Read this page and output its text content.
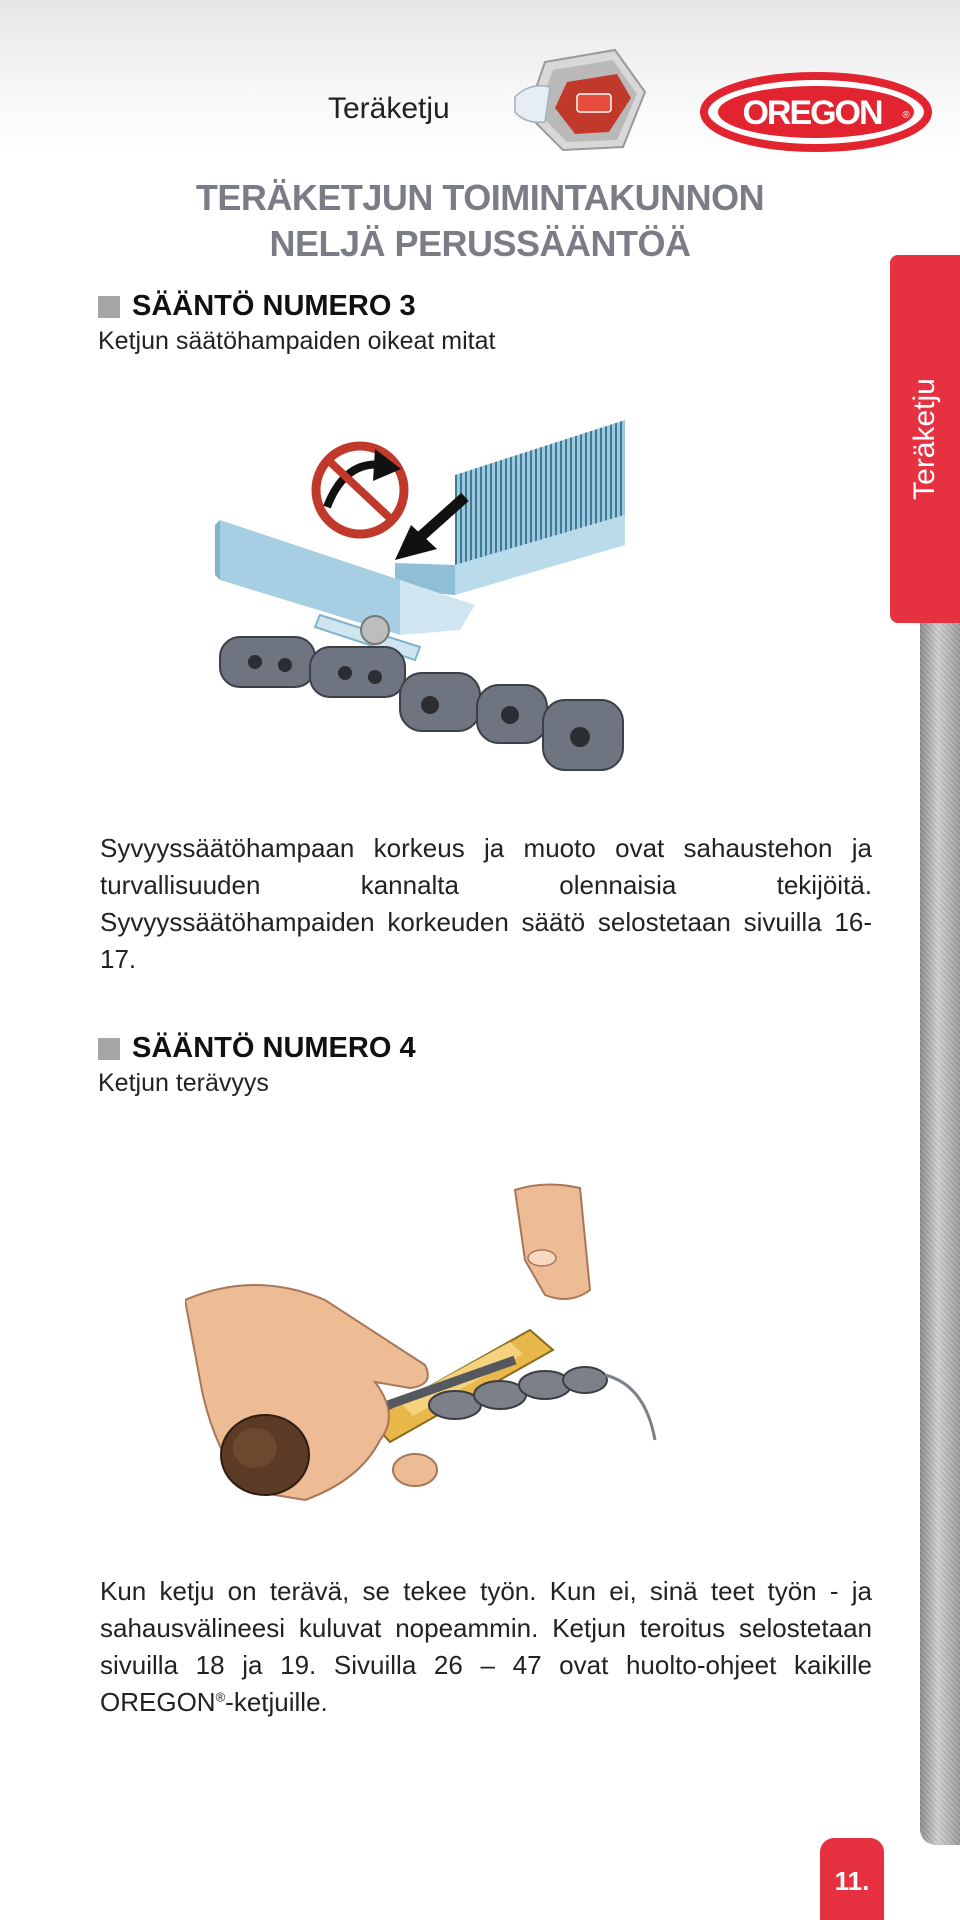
Teräketju	OREGON ®
Teräketju
TERÄKETJUN TOIMINTAKUNNON NELJÄ PERUSSÄÄNTÖÄ
SÄÄNTÖ NUMERO 3
Ketjun säätöhampaiden oikeat mitat
Syvyyssäätöhampaan korkeus ja muoto ovat sahaustehon ja turvallisuuden kannalta olennaisia tekijöitä. Syvyyssäätöhampaiden korkeuden säätö selostetaan sivuilla 16-17.
SÄÄNTÖ NUMERO 4
Ketjun terävyys
Kun ketju on terävä, se tekee työn. Kun ei, sinä teet työn - ja sahausvälineesi kuluvat nopeammin. Ketjun teroitus selostetaan sivuilla 18 ja 19. Sivuilla 26 – 47 ovat huolto-ohjeet kaikille OREGON®-ketjuille.
11.
